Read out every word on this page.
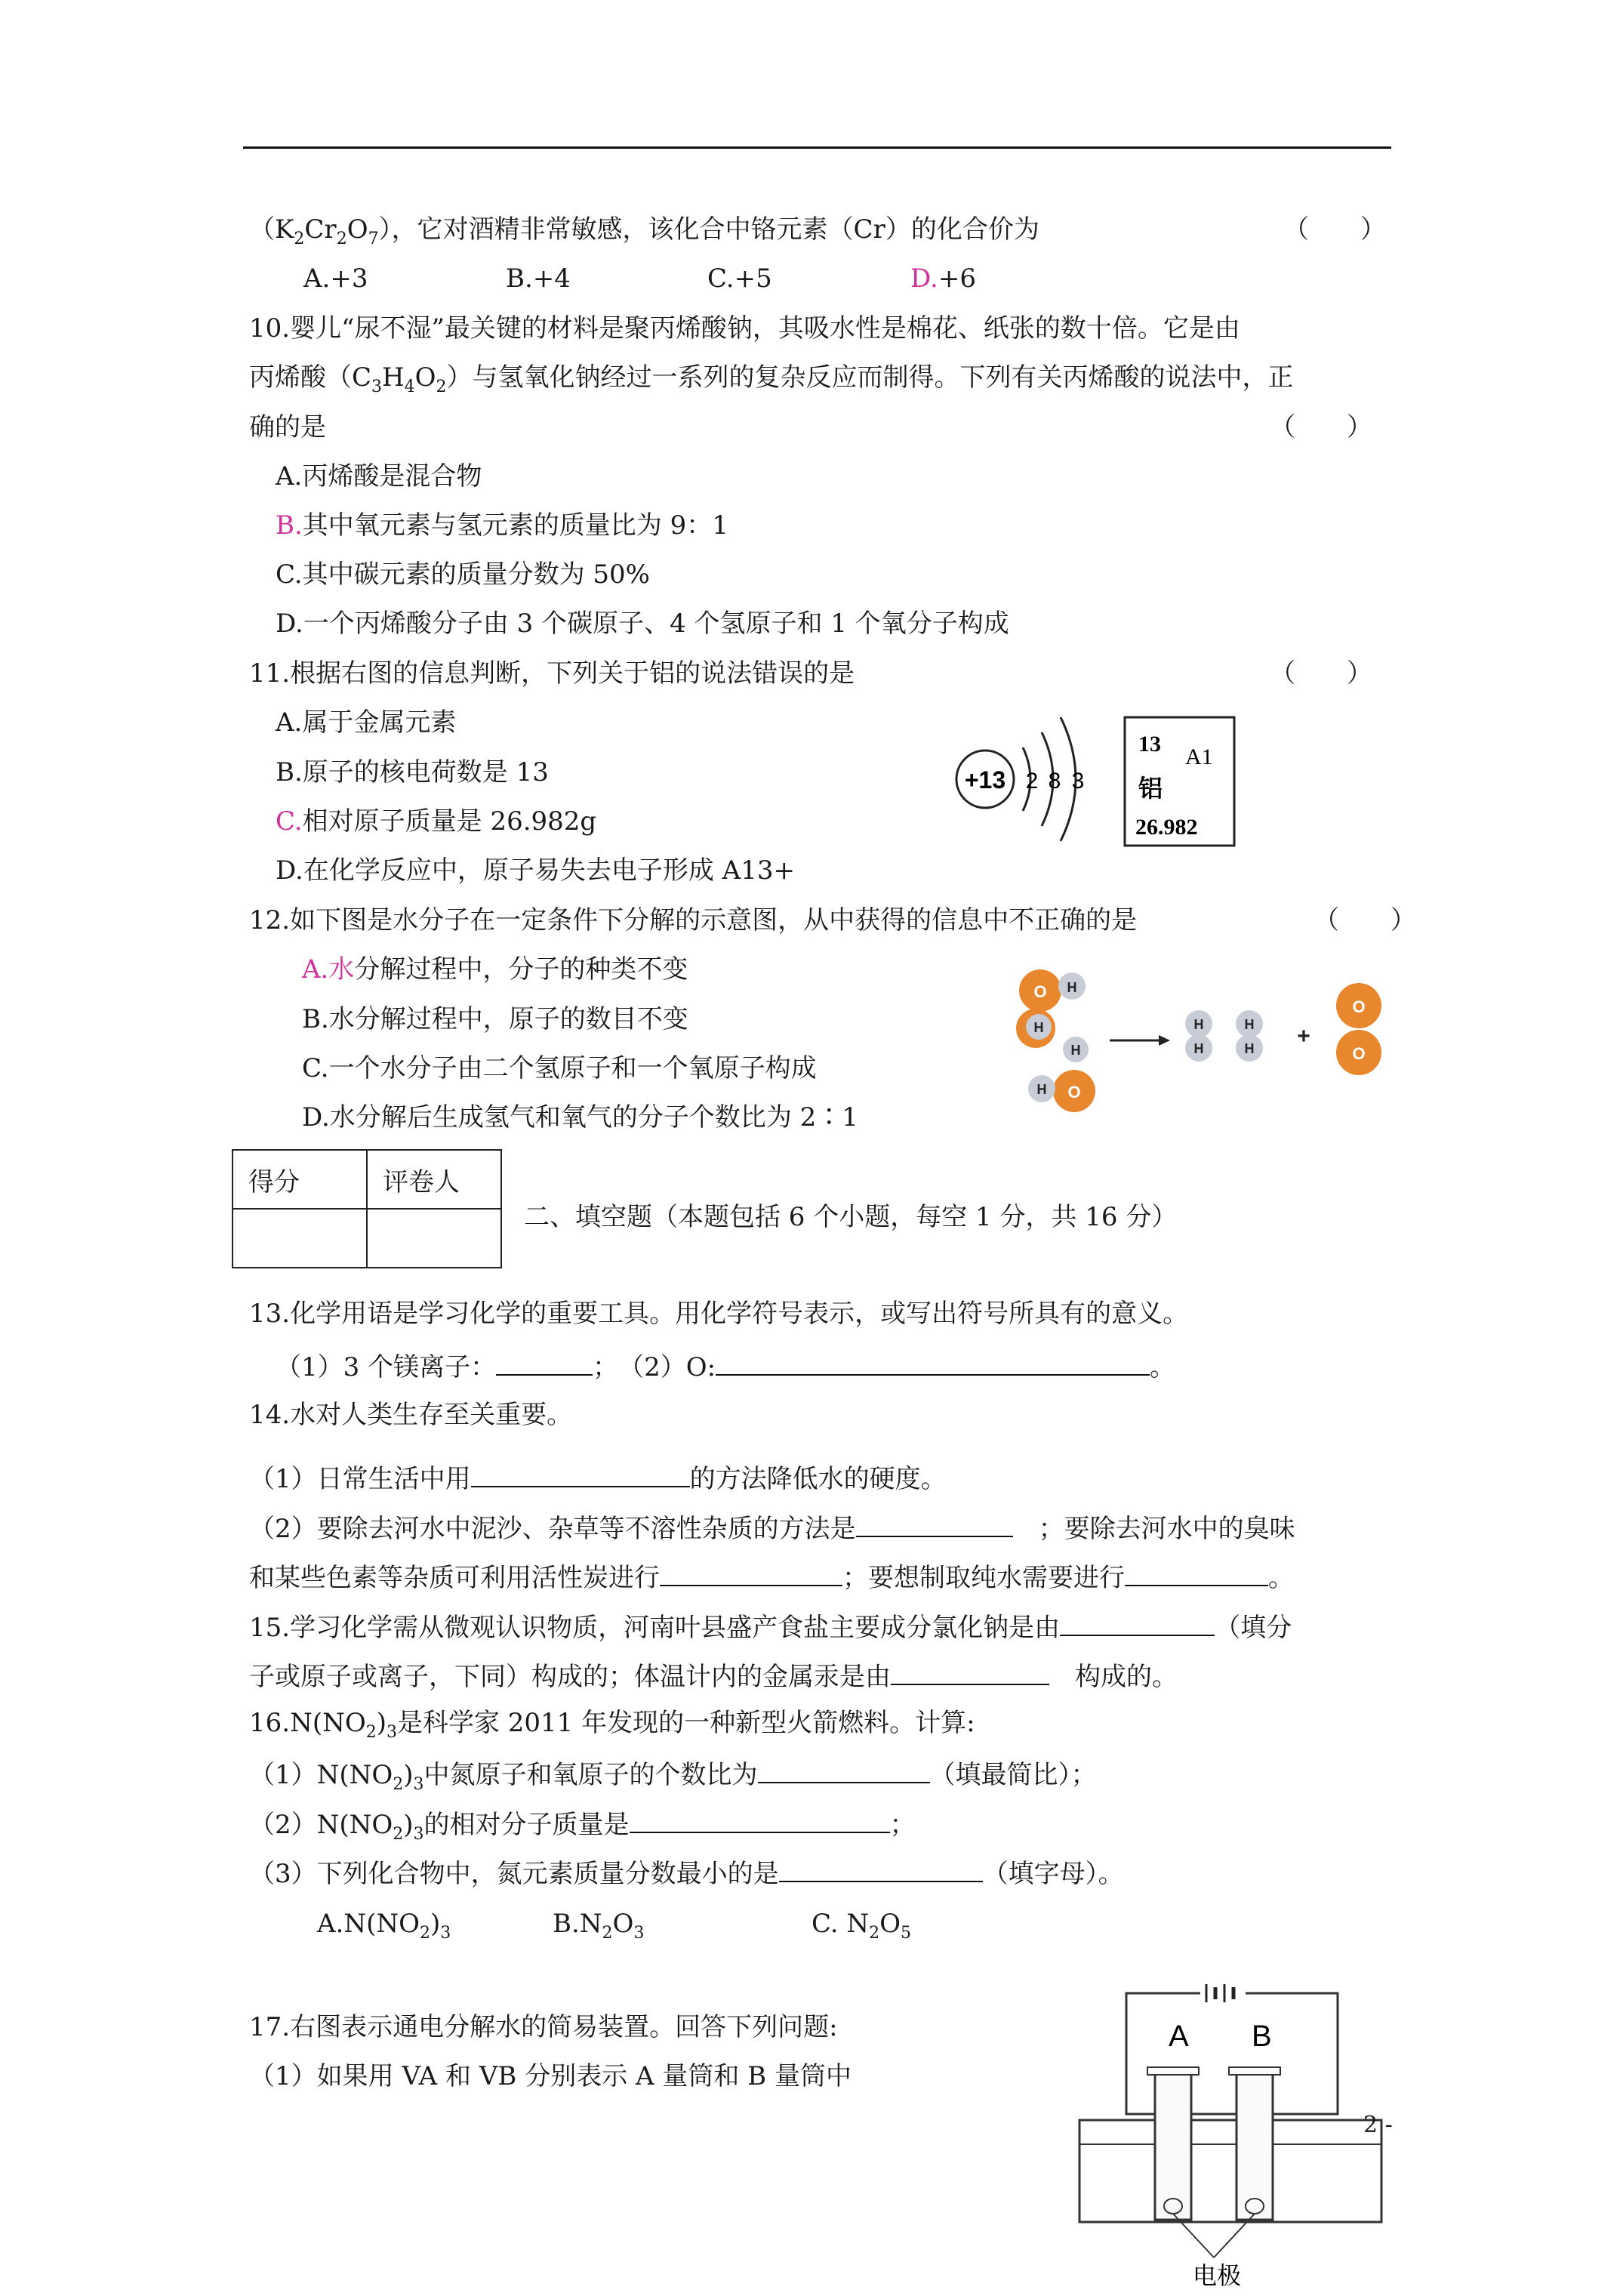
$(K_2Cr_2O_7)$，它对酒精非常敏感，该化合中铬元素（Cr）的化合价为	（　　）
A.+3	B.+4	C.+5	D.+6
10.婴儿“尿不湿”最关键的材料是聚丙烯酸钠，其吸水性是棉花、纸张的数十倍。它是由
丙烯酸$(C_3H_4O_2)$与氢氧化钠经过一系列的复杂反应而制得。下列有关丙烯酸的说法中，正
确的是	（　　）
A.丙烯酸是混合物
B.其中氧元素与氢元素的质量比为 9：1
C.其中碳元素的质量分数为 50%
D.一个丙烯酸分子由 3 个碳原子、4 个氢原子和 1 个氧分子构成
11.根据右图的信息判断，下列关于铝的说法错误的是	（　　）
A.属于金属元素
B.原子的核电荷数是 13
C.相对原子质量是 26.982g
D.在化学反应中，原子易失去电子形成 A13+
+13 2 8 3
13
A1
铝
26.982
12.如下图是水分子在一定条件下分解的示意图，从中获得的信息中不正确的是	（　　）
A.水分解过程中，分子的种类不变
B.水分解过程中，原子的数目不变
C.一个水分子由二个氢原子和一个氧原子构成
D.水分解后生成氢气和氧气的分子个数比为 2∶1
O H
H
H
O
H
H
H
H
H +
O
O
得分	评卷人

二、填空题（本题包括 6 个小题，每空 1 分，共 16 分）
13.化学用语是学习化学的重要工具。用化学符号表示，或写出符号所具有的意义。
（1）3 个镁离子：	；　 （2）O:	。
14.水对人类生存至关重要。
（1）日常生活中用	的方法降低水的硬度。
（2）要除去河水中泥沙、杂草等不溶性杂质的方法是　	；要除去河水中的臭味
和某些色素等杂质可利用活性炭进行	；要想制取纯水需要进行	。
15.学习化学需从微观认识物质，河南叶县盛产食盐主要成分氯化钠是由	（填分
子或原子或离子，下同）构成的；体温计内的金属汞是由　	构成的。
$16.N(NO_2)_3$是科学家 2011 年发现的一种新型火箭燃料。计算:
$(1)N(NO_2)_3$中氮原子和氧原子的个数比为	（填最简比）；
$(2)N(NO_2)_3$的相对分子质量是	；
（3）下列化合物中，氮元素质量分数最小的是	（填字母）。
$A.N(NO_2)_3$	$B.N_2O_3$	C. $N_2O_5$
17.右图表示通电分解水的简易装置。回答下列问题:
（1）如果用 VA 和 VB 分别表示 A 量筒和 B 量筒中
A B
电极
2 -
